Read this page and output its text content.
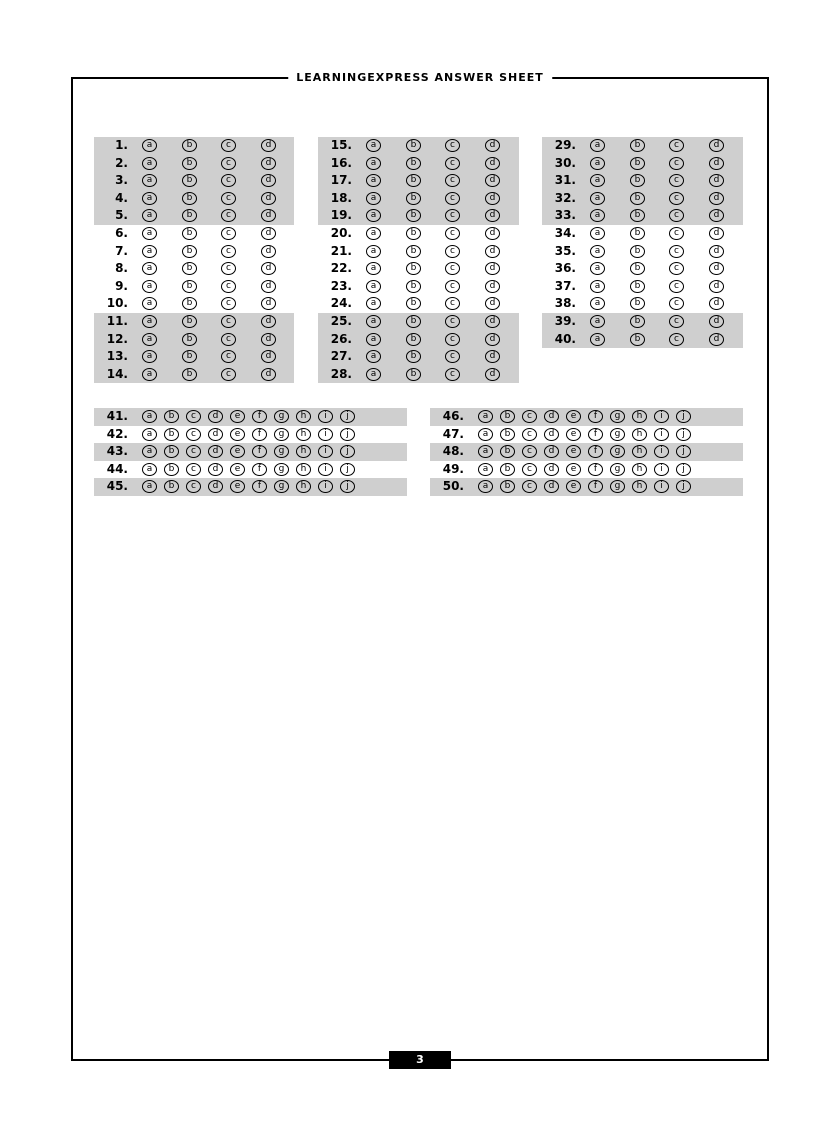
LEARNINGEXPRESS ANSWER SHEET
3
1.	a	b	c	d
2.	a	b	c	d
3.	a	b	c	d
4.	a	b	c	d
5.	a	b	c	d
6.	a	b	c	d
7.	a	b	c	d
8.	a	b	c	d
9.	a	b	c	d
10.	a	b	c	d
11.	a	b	c	d
12.	a	b	c	d
13.	a	b	c	d
14.	a	b	c	d
15.	a	b	c	d
16.	a	b	c	d
17.	a	b	c	d
18.	a	b	c	d
19.	a	b	c	d
20.	a	b	c	d
21.	a	b	c	d
22.	a	b	c	d
23.	a	b	c	d
24.	a	b	c	d
25.	a	b	c	d
26.	a	b	c	d
27.	a	b	c	d
28.	a	b	c	d
29.	a	b	c	d
30.	a	b	c	d
31.	a	b	c	d
32.	a	b	c	d
33.	a	b	c	d
34.	a	b	c	d
35.	a	b	c	d
36.	a	b	c	d
37.	a	b	c	d
38.	a	b	c	d
39.	a	b	c	d
40.	a	b	c	d
41.	a	b	c	d	e	f	g	h	i	j
42.	a	b	c	d	e	f	g	h	i	j
43.	a	b	c	d	e	f	g	h	i	j
44.	a	b	c	d	e	f	g	h	i	j
45.	a	b	c	d	e	f	g	h	i	j
46.	a	b	c	d	e	f	g	h	i	j
47.	a	b	c	d	e	f	g	h	i	j
48.	a	b	c	d	e	f	g	h	i	j
49.	a	b	c	d	e	f	g	h	i	j
50.	a	b	c	d	e	f	g	h	i	j
